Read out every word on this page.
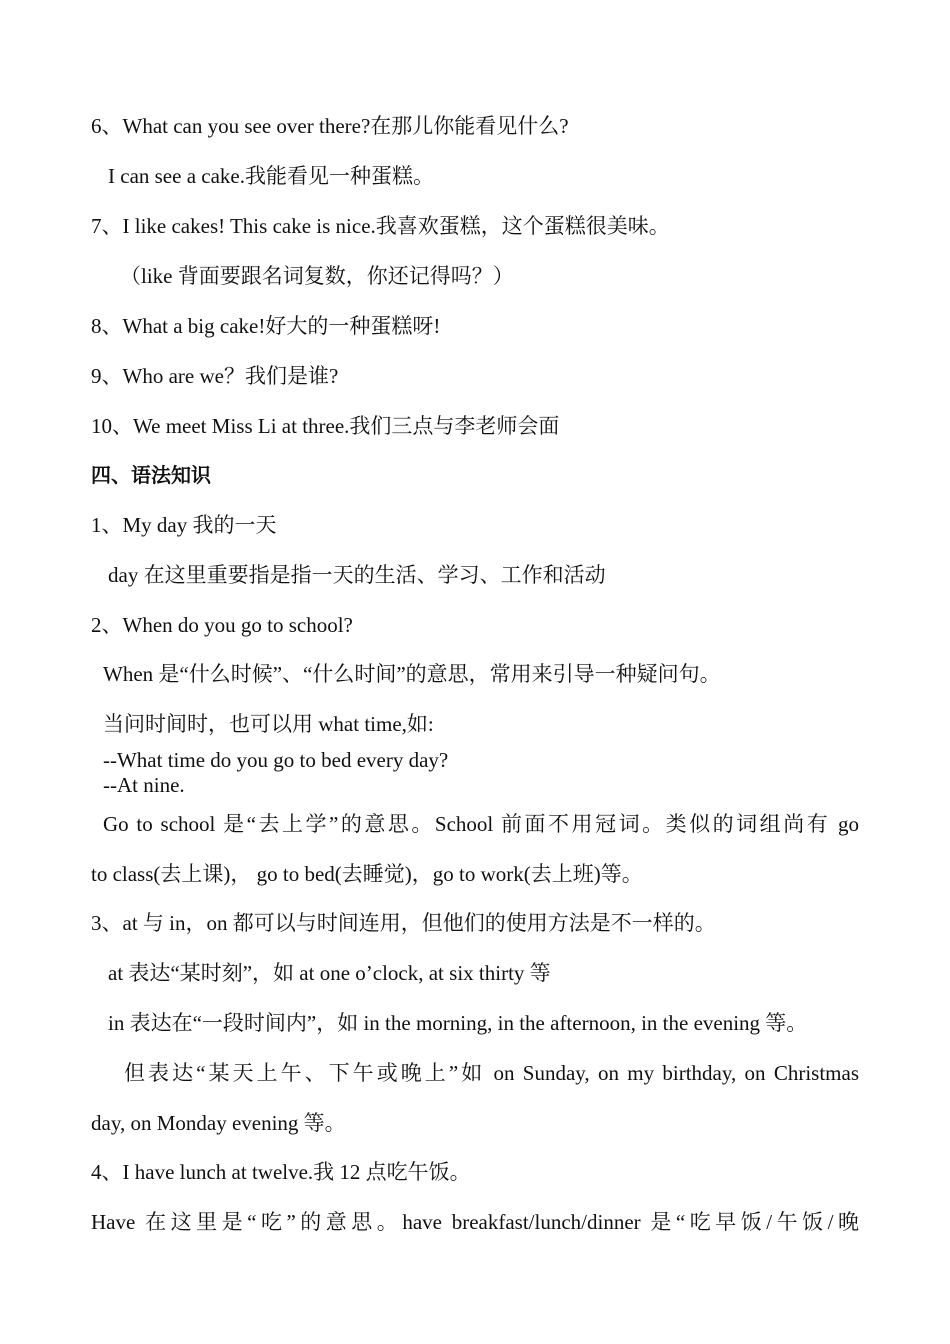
6、What can you see over there?在那儿你能看见什么?
I can see a cake.我能看见一种蛋糕。
7、I like cakes! This cake is nice.我喜欢蛋糕，这个蛋糕很美味。
（like 背面要跟名词复数，你还记得吗？）
8、What a big cake!好大的一种蛋糕呀!
9、Who are we？我们是谁?
10、We meet Miss Li at three.我们三点与李老师会面
四、语法知识
1、My day 我的一天
day 在这里重要指是指一天的生活、学习、工作和活动
2、When do you go to school?
When 是“什么时候”、“什么时间”的意思，常用来引导一种疑问句。
当问时间时，也可以用 what time,如:
--What time do you go to bed every day?
--At nine.
Go to school 是“去上学”的意思。School 前面不用冠词。类似的词组尚有 go
to class(去上课)， go to bed(去睡觉)，go to work(去上班)等。
3、at 与 in，on 都可以与时间连用，但他们的使用方法是不一样的。
at 表达“某时刻”，如 at one o’clock, at six thirty 等
in 表达在“一段时间内”，如 in the morning, in the afternoon, in the evening 等。
但表达“某天上午、下午或晚上”如 on Sunday, on my birthday, on Christmas
day, on Monday evening 等。
4、I have lunch at twelve.我 12 点吃午饭。
Have 在这里是“吃”的意思。have breakfast/lunch/dinner 是“吃早饭/午饭/晚
